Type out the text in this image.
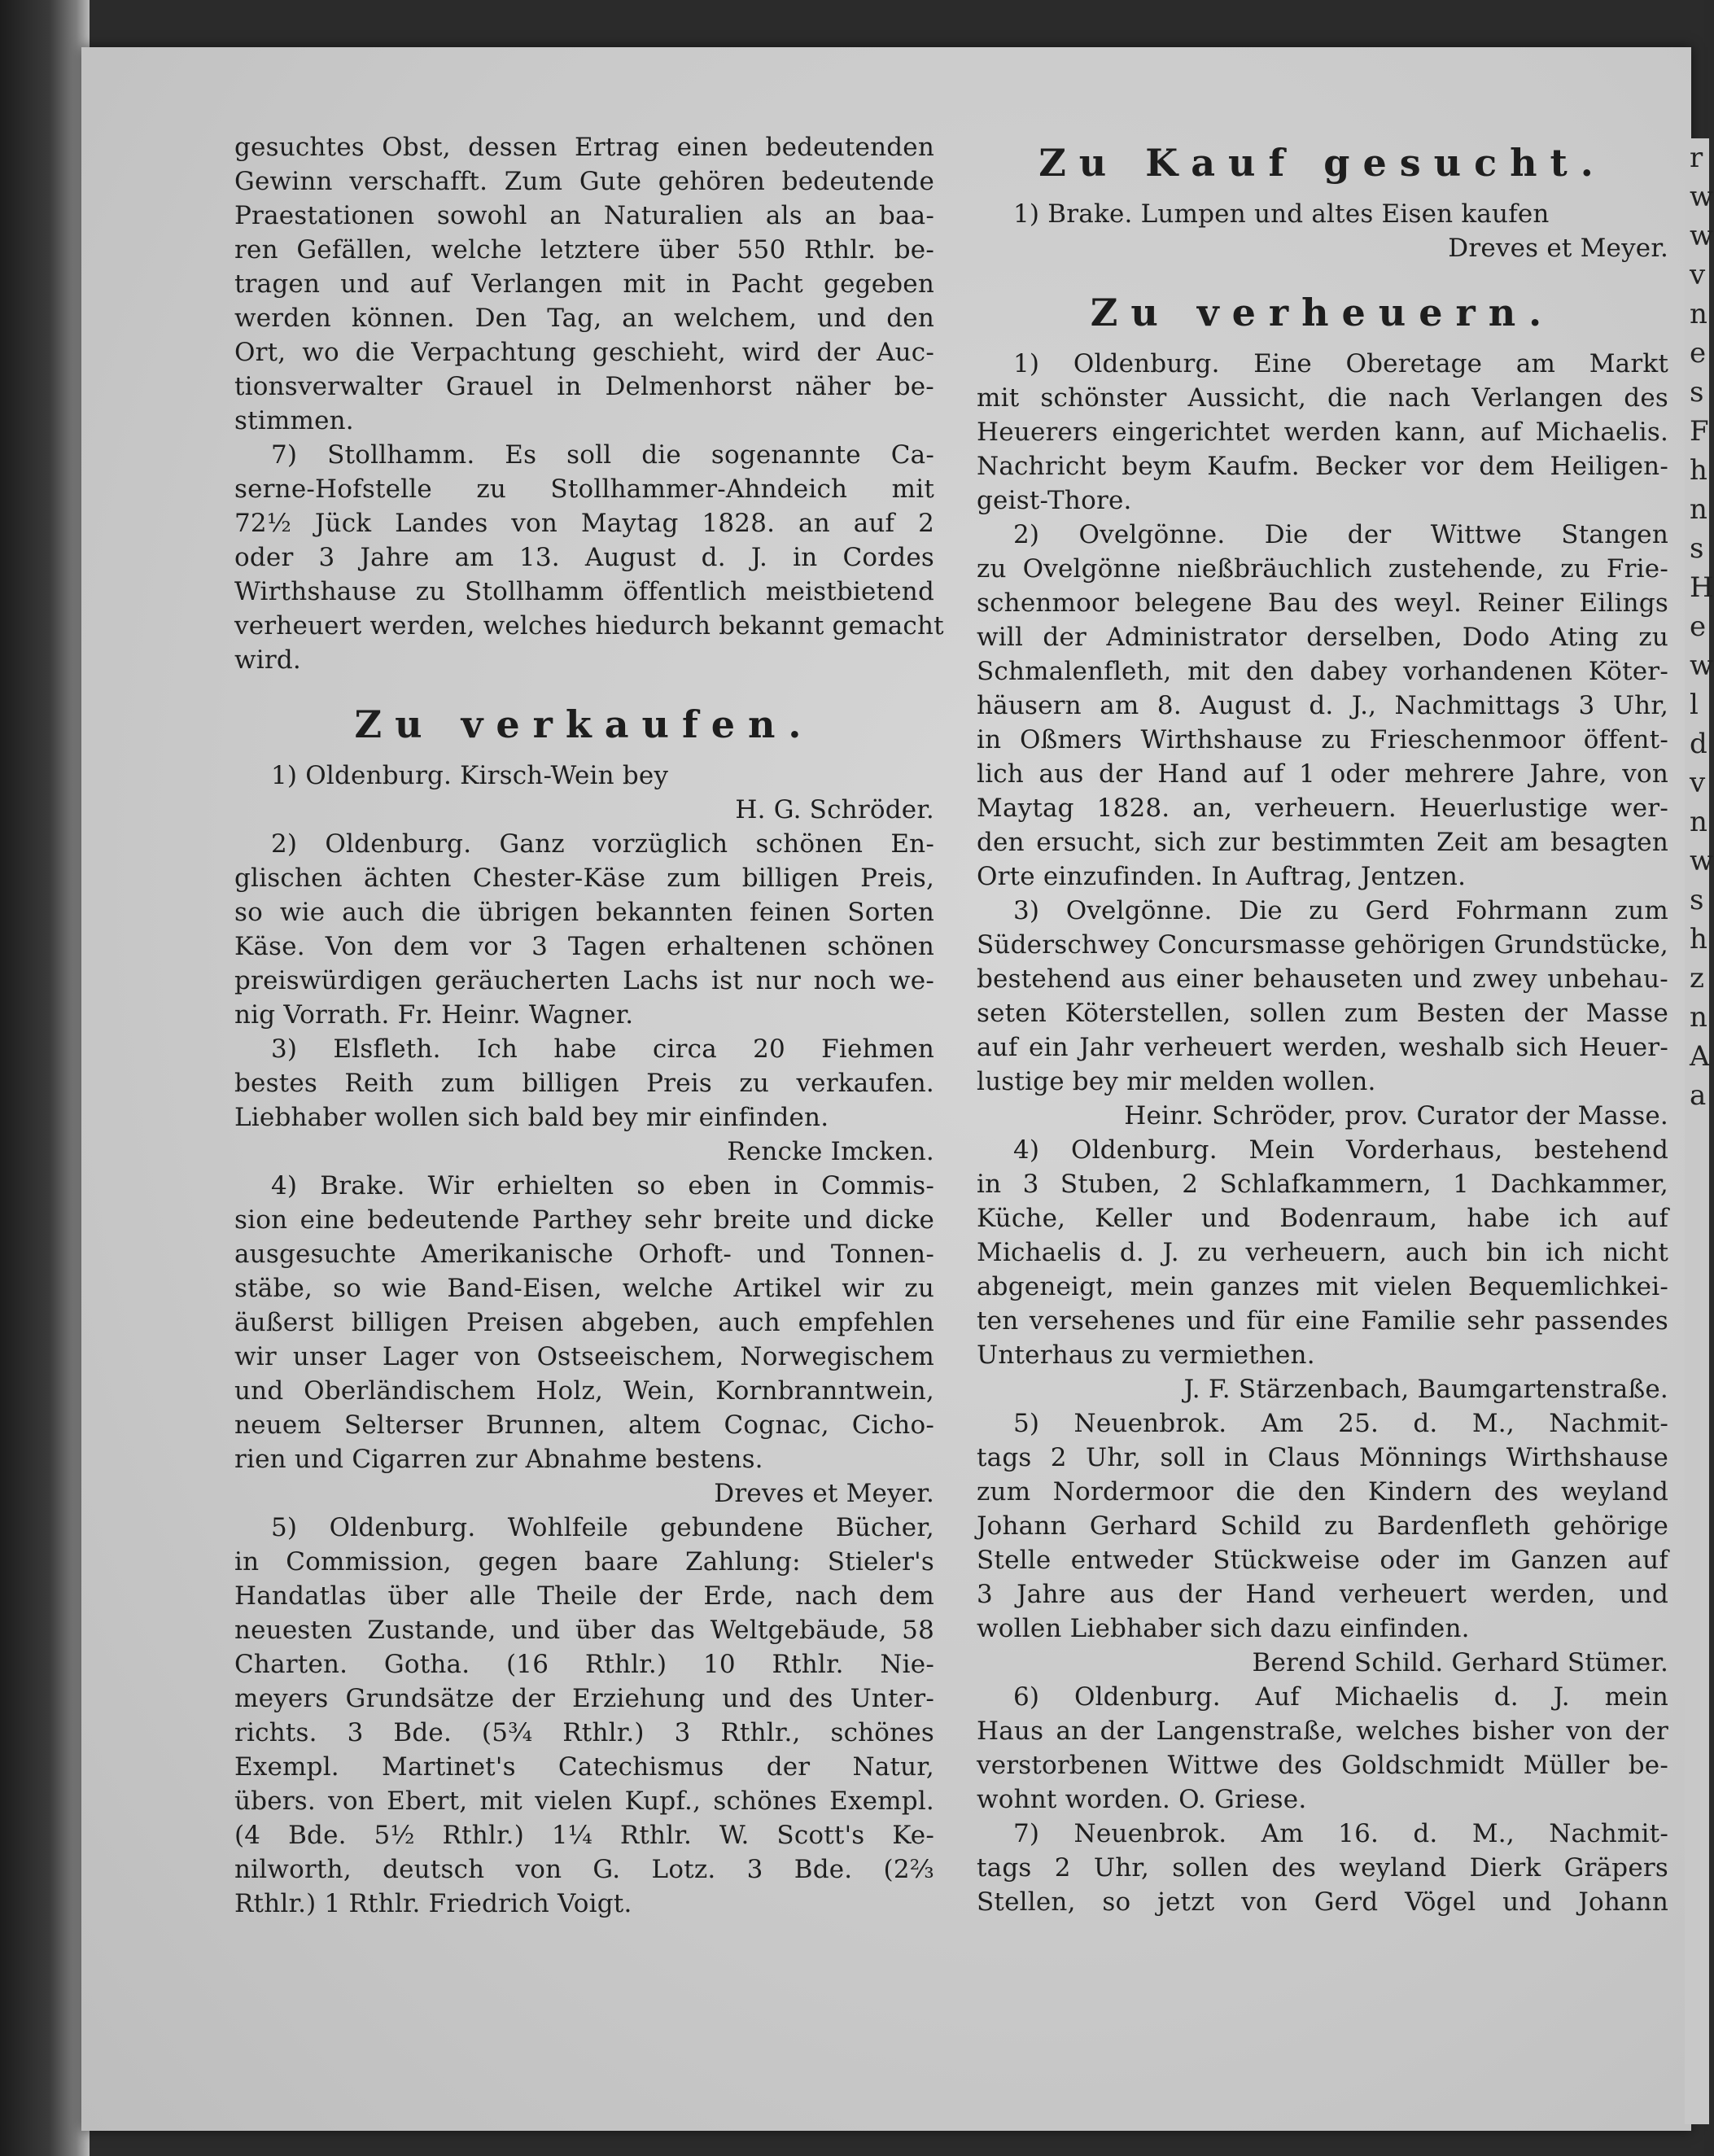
r
w
w
v
n
e
s
F
h
n
s
H
e
w
l
d
v
n
w
s
h
z
n
A
a
gesuchtes Obst, dessen Ertrag einen bedeutenden
Gewinn verschafft. Zum Gute gehören bedeutende
Praestationen sowohl an Naturalien als an baa-
ren Gefällen, welche letztere über 550 Rthlr. be-
tragen und auf Verlangen mit in Pacht gegeben
werden können. Den Tag, an welchem, und den
Ort, wo die Verpachtung geschieht, wird der Auc-
tionsverwalter Grauel in Delmenhorst näher be-
stimmen.
7) Stollhamm. Es soll die sogenannte Ca-
serne-Hofstelle zu Stollhammer-Ahndeich mit
72½ Jück Landes von Maytag 1828. an auf 2
oder 3 Jahre am 13. August d. J. in Cordes
Wirthshause zu Stollhamm öffentlich meistbietend
verheuert werden, welches hiedurch bekannt gemacht
wird.
Zu verkaufen.
1) Oldenburg. Kirsch-Wein bey
H. G. Schröder.
2) Oldenburg. Ganz vorzüglich schönen En-
glischen ächten Chester-Käse zum billigen Preis,
so wie auch die übrigen bekannten feinen Sorten
Käse. Von dem vor 3 Tagen erhaltenen schönen
preiswürdigen geräucherten Lachs ist nur noch we-
nig Vorrath. Fr. Heinr. Wagner.
3) Elsfleth. Ich habe circa 20 Fiehmen
bestes Reith zum billigen Preis zu verkaufen.
Liebhaber wollen sich bald bey mir einfinden.
Rencke Imcken.
4) Brake. Wir erhielten so eben in Commis-
sion eine bedeutende Parthey sehr breite und dicke
ausgesuchte Amerikanische Orhoft- und Tonnen-
stäbe, so wie Band-Eisen, welche Artikel wir zu
äußerst billigen Preisen abgeben, auch empfehlen
wir unser Lager von Ostseeischem, Norwegischem
und Oberländischem Holz, Wein, Kornbranntwein,
neuem Selterser Brunnen, altem Cognac, Cicho-
rien und Cigarren zur Abnahme bestens.
Dreves et Meyer.
5) Oldenburg. Wohlfeile gebundene Bücher,
in Commission, gegen baare Zahlung: Stieler's
Handatlas über alle Theile der Erde, nach dem
neuesten Zustande, und über das Weltgebäude, 58
Charten. Gotha. (16 Rthlr.) 10 Rthlr. Nie-
meyers Grundsätze der Erziehung und des Unter-
richts. 3 Bde. (5¾ Rthlr.) 3 Rthlr., schönes
Exempl. Martinet's Catechismus der Natur,
übers. von Ebert, mit vielen Kupf., schönes Exempl.
(4 Bde. 5½ Rthlr.) 1¼ Rthlr. W. Scott's Ke-
nilworth, deutsch von G. Lotz. 3 Bde. (2⅔
Rthlr.) 1 Rthlr. Friedrich Voigt.
Zu Kauf gesucht.
1) Brake. Lumpen und altes Eisen kaufen
Dreves et Meyer.
Zu verheuern.
1) Oldenburg. Eine Oberetage am Markt
mit schönster Aussicht, die nach Verlangen des
Heuerers eingerichtet werden kann, auf Michaelis.
Nachricht beym Kaufm. Becker vor dem Heiligen-
geist-Thore.
2) Ovelgönne. Die der Wittwe Stangen
zu Ovelgönne nießbräuchlich zustehende, zu Frie-
schenmoor belegene Bau des weyl. Reiner Eilings
will der Administrator derselben, Dodo Ating zu
Schmalenfleth, mit den dabey vorhandenen Köter-
häusern am 8. August d. J., Nachmittags 3 Uhr,
in Oßmers Wirthshause zu Frieschenmoor öffent-
lich aus der Hand auf 1 oder mehrere Jahre, von
Maytag 1828. an, verheuern. Heuerlustige wer-
den ersucht, sich zur bestimmten Zeit am besagten
Orte einzufinden. In Auftrag, Jentzen.
3) Ovelgönne. Die zu Gerd Fohrmann zum
Süderschwey Concursmasse gehörigen Grundstücke,
bestehend aus einer behauseten und zwey unbehau-
seten Köterstellen, sollen zum Besten der Masse
auf ein Jahr verheuert werden, weshalb sich Heuer-
lustige bey mir melden wollen.
Heinr. Schröder, prov. Curator der Masse.
4) Oldenburg. Mein Vorderhaus, bestehend
in 3 Stuben, 2 Schlafkammern, 1 Dachkammer,
Küche, Keller und Bodenraum, habe ich auf
Michaelis d. J. zu verheuern, auch bin ich nicht
abgeneigt, mein ganzes mit vielen Bequemlichkei-
ten versehenes und für eine Familie sehr passendes
Unterhaus zu vermiethen.
J. F. Stärzenbach, Baumgartenstraße.
5) Neuenbrok. Am 25. d. M., Nachmit-
tags 2 Uhr, soll in Claus Mönnings Wirthshause
zum Nordermoor die den Kindern des weyland
Johann Gerhard Schild zu Bardenfleth gehörige
Stelle entweder Stückweise oder im Ganzen auf
3 Jahre aus der Hand verheuert werden, und
wollen Liebhaber sich dazu einfinden.
Berend Schild. Gerhard Stümer.
6) Oldenburg. Auf Michaelis d. J. mein
Haus an der Langenstraße, welches bisher von der
verstorbenen Wittwe des Goldschmidt Müller be-
wohnt worden. O. Griese.
7) Neuenbrok. Am 16. d. M., Nachmit-
tags 2 Uhr, sollen des weyland Dierk Gräpers
Stellen, so jetzt von Gerd Vögel und Johann
